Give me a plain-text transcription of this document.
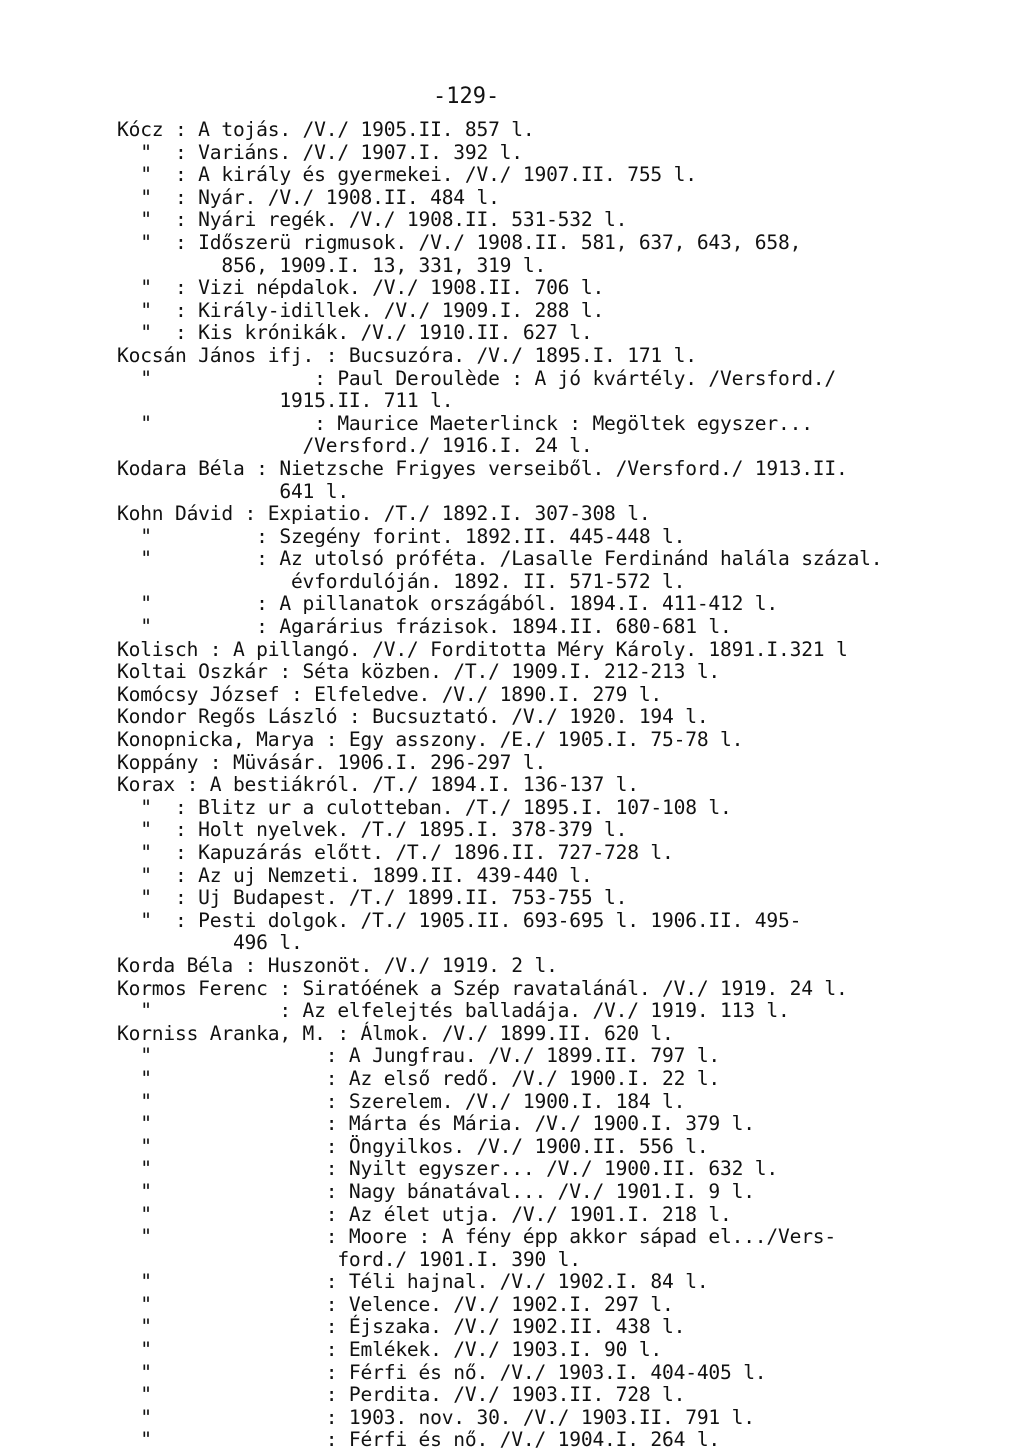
-129-
Kócz : A tojás. /V./ 1905.II. 857 l.
"  : Variáns. /V./ 1907.I. 392 l.
"  : A király és gyermekei. /V./ 1907.II. 755 l.
"  : Nyár. /V./ 1908.II. 484 l.
"  : Nyári regék. /V./ 1908.II. 531-532 l.
"  : Időszerü rigmusok. /V./ 1908.II. 581, 637, 643, 658,
856, 1909.I. 13, 331, 319 l.
"  : Vizi népdalok. /V./ 1908.II. 706 l.
"  : Király-idillek. /V./ 1909.I. 288 l.
"  : Kis krónikák. /V./ 1910.II. 627 l.
Kocsán János ifj. : Bucsuzóra. /V./ 1895.I. 171 l.
"              : Paul Deroulède : A jó kvártély. /Versford./
1915.II. 711 l.
"              : Maurice Maeterlinck : Megöltek egyszer...
/Versford./ 1916.I. 24 l.
Kodara Béla : Nietzsche Frigyes verseiből. /Versford./ 1913.II.
641 l.
Kohn Dávid : Expiatio. /T./ 1892.I. 307-308 l.
"         : Szegény forint. 1892.II. 445-448 l.
"         : Az utolsó próféta. /Lasalle Ferdinánd halála százal.
évfordulóján. 1892. II. 571-572 l.
"         : A pillanatok országából. 1894.I. 411-412 l.
"         : Agarárius frázisok. 1894.II. 680-681 l.
Kolisch : A pillangó. /V./ Forditotta Méry Károly. 1891.I.321 l
Koltai Oszkár : Séta közben. /T./ 1909.I. 212-213 l.
Komócsy József : Elfeledve. /V./ 1890.I. 279 l.
Kondor Regős László : Bucsuztató. /V./ 1920. 194 l.
Konopnicka, Marya : Egy asszony. /E./ 1905.I. 75-78 l.
Koppány : Müvásár. 1906.I. 296-297 l.
Korax : A bestiákról. /T./ 1894.I. 136-137 l.
"  : Blitz ur a culotteban. /T./ 1895.I. 107-108 l.
"  : Holt nyelvek. /T./ 1895.I. 378-379 l.
"  : Kapuzárás előtt. /T./ 1896.II. 727-728 l.
"  : Az uj Nemzeti. 1899.II. 439-440 l.
"  : Uj Budapest. /T./ 1899.II. 753-755 l.
"  : Pesti dolgok. /T./ 1905.II. 693-695 l. 1906.II. 495-
496 l.
Korda Béla : Huszonöt. /V./ 1919. 2 l.
Kormos Ferenc : Siratóének a Szép ravatalánál. /V./ 1919. 24 l.
"           : Az elfelejtés balladája. /V./ 1919. 113 l.
Korniss Aranka, M. : Álmok. /V./ 1899.II. 620 l.
"               : A Jungfrau. /V./ 1899.II. 797 l.
"               : Az első redő. /V./ 1900.I. 22 l.
"               : Szerelem. /V./ 1900.I. 184 l.
"               : Márta és Mária. /V./ 1900.I. 379 l.
"               : Öngyilkos. /V./ 1900.II. 556 l.
"               : Nyilt egyszer... /V./ 1900.II. 632 l.
"               : Nagy bánatával... /V./ 1901.I. 9 l.
"               : Az élet utja. /V./ 1901.I. 218 l.
"               : Moore : A fény épp akkor sápad el.../Vers-
ford./ 1901.I. 390 l.
"               : Téli hajnal. /V./ 1902.I. 84 l.
"               : Velence. /V./ 1902.I. 297 l.
"               : Éjszaka. /V./ 1902.II. 438 l.
"               : Emlékek. /V./ 1903.I. 90 l.
"               : Férfi és nő. /V./ 1903.I. 404-405 l.
"               : Perdita. /V./ 1903.II. 728 l.
"               : 1903. nov. 30. /V./ 1903.II. 791 l.
"               : Férfi és nő. /V./ 1904.I. 264 l.
